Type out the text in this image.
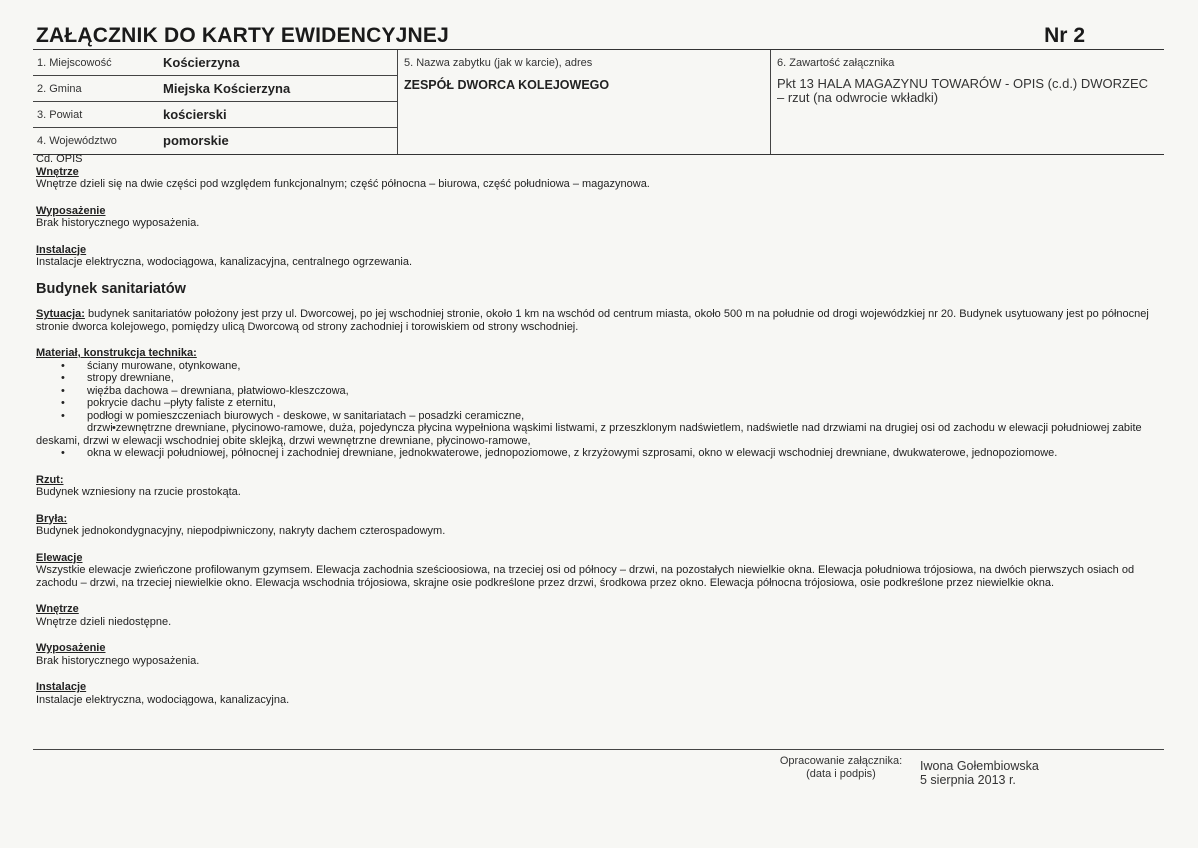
ZAŁĄCZNIK DO KARTY EWIDENCYJNEJ	Nr 2
1. Miejscowość	Kościerzyna
2. Gmina	Miejska Kościerzyna
3. Powiat	kościerski
4. Województwo	pomorskie
5. Nazwa zabytku (jak w karcie), adres
ZESPÓŁ DWORCA KOLEJOWEGO
6. Zawartość załącznika
Pkt 13 HALA MAGAZYNU TOWARÓW - OPIS (c.d.) DWORZEC – rzut (na odwrocie wkładki)
Cd. OPIS
Wnętrze
Wnętrze dzieli się na dwie części pod względem funkcjonalnym; część północna – biurowa, część południowa – magazynowa.
Wyposażenie
Brak historycznego wyposażenia.
Instalacje
Instalacje elektryczna, wodociągowa, kanalizacyjna, centralnego ogrzewania.
Budynek sanitariatów
Sytuacja: budynek sanitariatów położony jest przy ul. Dworcowej, po jej wschodniej stronie, około 1 km na wschód od centrum miasta, około 500 m na południe od drogi wojewódzkiej nr 20. Budynek usytuowany jest po północnej stronie dworca kolejowego, pomiędzy ulicą Dworcową od strony zachodniej i torowiskiem od strony wschodniej.
Materiał, konstrukcja technika:
• ściany murowane, otynkowane,
• stropy drewniane,
• więźba dachowa – drewniana, płatwiowo-kleszczowa,
• pokrycie dachu –płyty faliste z eternitu,
• podłogi w pomieszczeniach biurowych - deskowe, w sanitariatach – posadzki ceramiczne,
• drzwi zewnętrzne drewniane, płycinowo-ramowe, duża, pojedyncza płycina wypełniona wąskimi listwami, z przeszklonym nadświetlem, nadświetle nad drzwiami na drugiej osi od zachodu w elewacji południowej zabite deskami, drzwi w elewacji wschodniej obite sklejką, drzwi wewnętrzne drewniane, płycinowo-ramowe,
• okna w elewacji południowej, północnej i zachodniej drewniane, jednokwaterowe, jednopoziomowe, z krzyżowymi szprosami, okno w elewacji wschodniej drewniane, dwukwaterowe, jednopoziomowe.
Rzut:
Budynek wzniesiony na rzucie prostokąta.
Bryła:
Budynek jednokondygnacyjny, niepodpiwniczony, nakryty dachem czterospadowym.
Elewacje
Wszystkie elewacje zwieńczone profilowanym gzymsem. Elewacja zachodnia sześcioosiowa, na trzeciej osi od północy – drzwi, na pozostałych niewielkie okna. Elewacja południowa trójosiowa, na dwóch pierwszych osiach od zachodu – drzwi, na trzeciej niewielkie okno. Elewacja wschodnia trójosiowa, skrajne osie podkreślone przez drzwi, środkowa przez okno. Elewacja północna trójosiowa, osie podkreślone przez niewielkie okna.
Wnętrze
Wnętrze dzieli niedostępne.
Wyposażenie
Brak historycznego wyposażenia.
Instalacje
Instalacje elektryczna, wodociągowa, kanalizacyjna.
Opracowanie załącznika:
(data i podpis)
Iwona Gołembiowska
5 sierpnia 2013 r.
